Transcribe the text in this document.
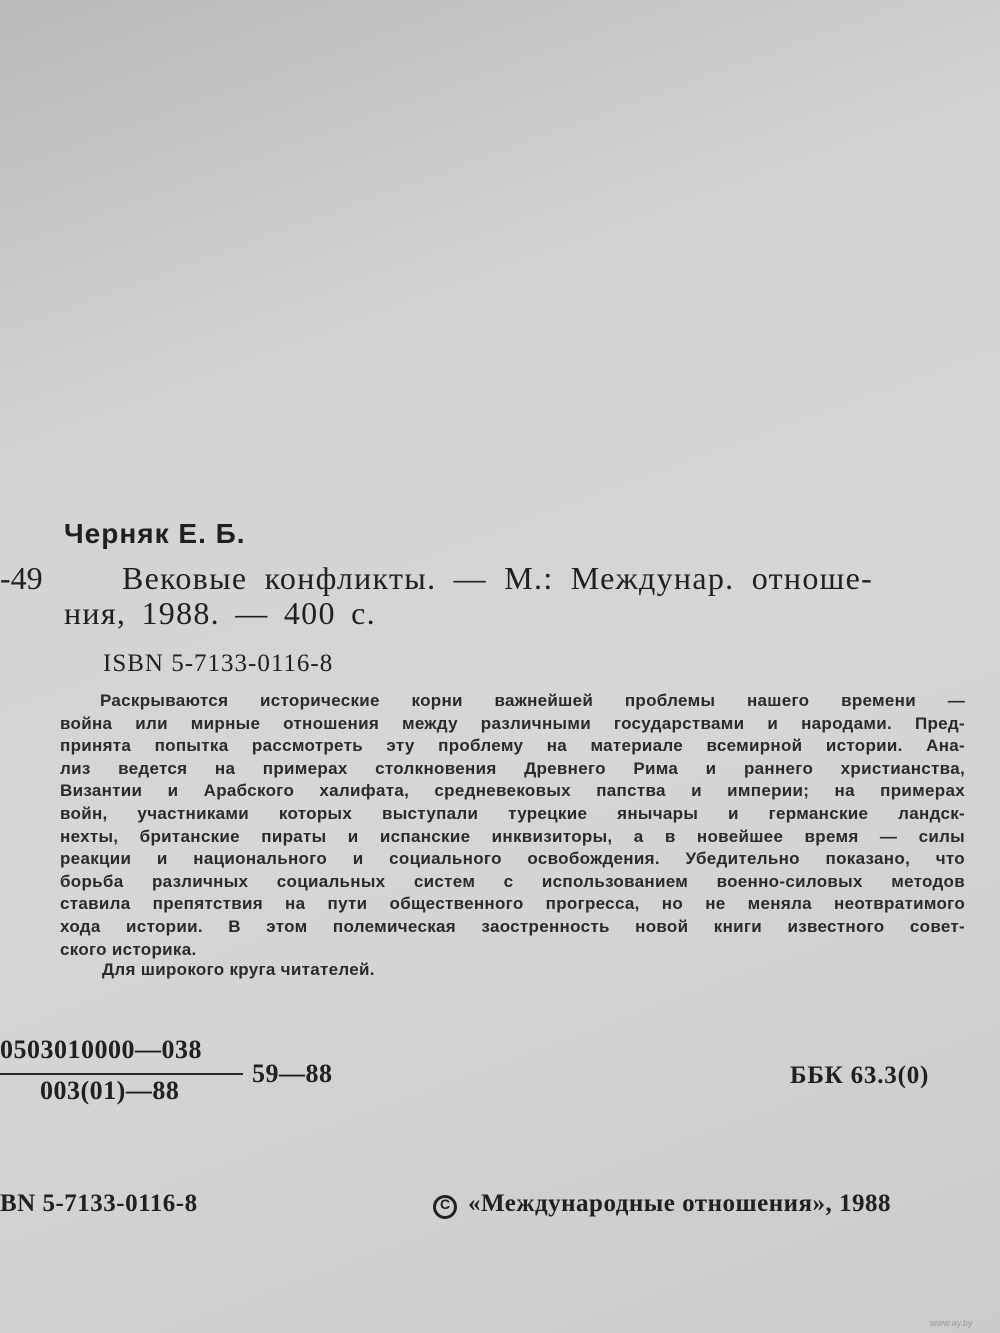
Черняк Е. Б.
-49 Вековые конфликты. — М.: Междунар. отноше-
ния, 1988. — 400 с.
ISBN 5-7133-0116-8
Раскрываются исторические корни важнейшей проблемы нашего времени —
война или мирные отношения между различными государствами и народами. Пред-
принята попытка рассмотреть эту проблему на материале всемирной истории. Ана-
лиз ведется на примерах столкновения Древнего Рима и раннего христианства,
Византии и Арабского халифата, средневековых папства и империи; на примерах
войн, участниками которых выступали турецкие янычары и германские ландск-
нехты, британские пираты и испанские инквизиторы, а в новейшее время — силы
реакции и национального и социального освобождения. Убедительно показано, что
борьба различных социальных систем с использованием военно-силовых методов
ставила препятствия на пути общественного прогресса, но не меняла неотвратимого
хода истории. В этом полемическая заостренность новой книги известного совет-
ского историка.
Для широкого круга читателей.
0503010000—038
003(01)—88
59—88	ББК 63.3(0)
BN 5-7133-0116-8
C	«Международные отношения», 1988
www.ay.by
